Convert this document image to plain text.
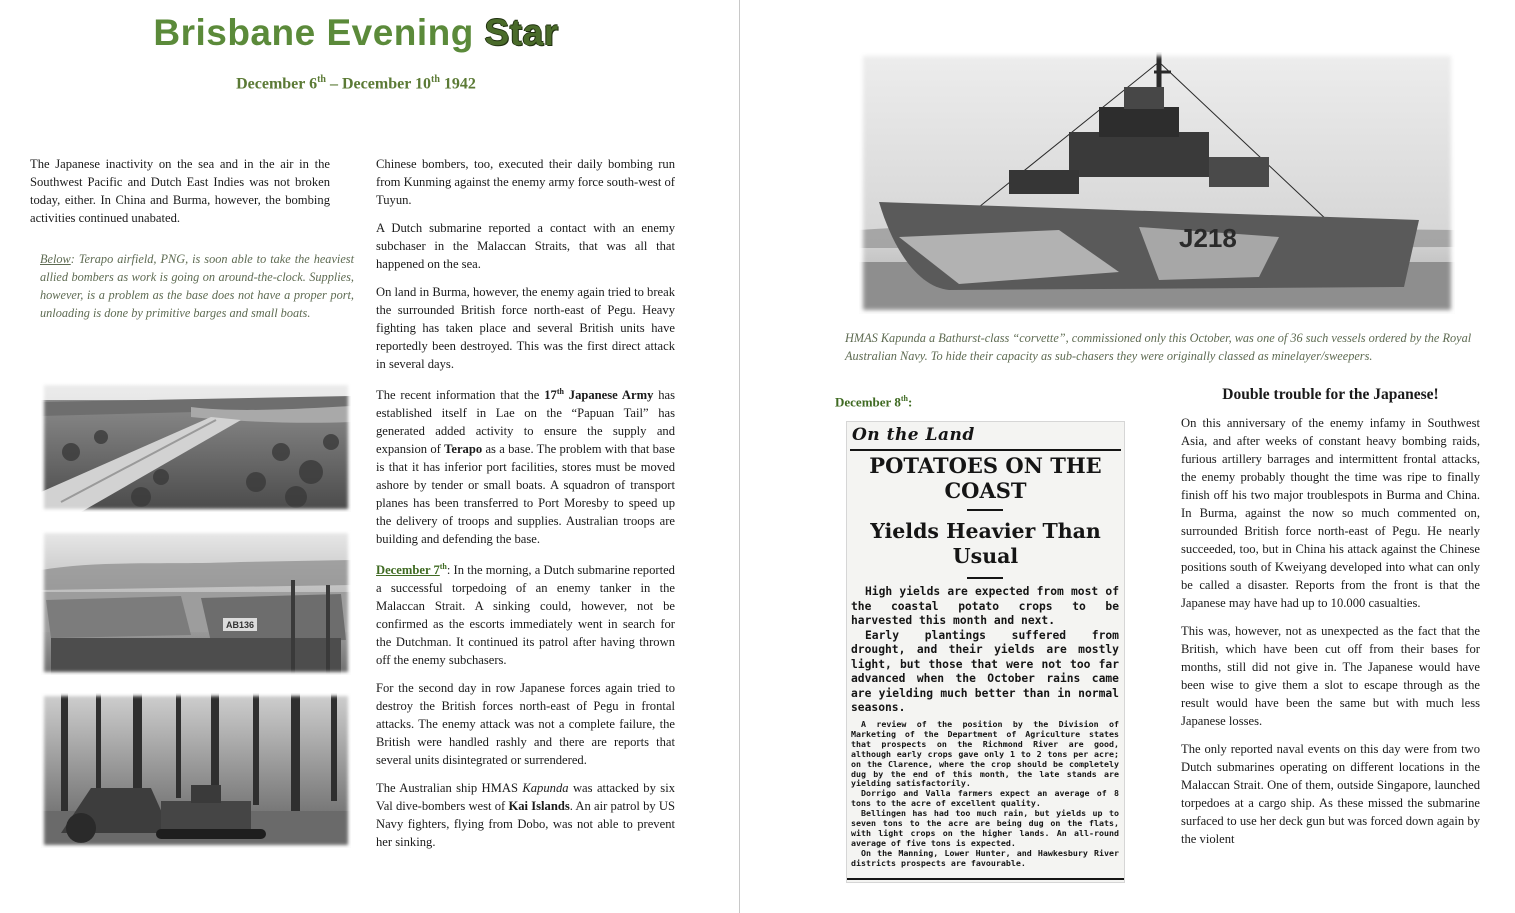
Brisbane Evening Star
December 6th – December 10th 1942

The Japanese inactivity on the sea and in the air in the Southwest Pacific and Dutch East Indies was not broken today, either. In China and Burma, however, the bombing activities continued unabated.

Below: Terapo airfield, PNG, is soon able to take the heaviest allied bombers as work is going on around-the-clock. Supplies, however, is a problem as the base does not have a proper port, unloading is done by primitive barges and small boats.
AB136

Chinese bombers, too, executed their daily bombing run from Kunming against the enemy army force south-west of Tuyun.

A Dutch submarine reported a contact with an enemy subchaser in the Malaccan Straits, that was all that happened on the sea.

On land in Burma, however, the enemy again tried to break the surrounded British force north-east of Pegu. Heavy fighting has taken place and several British units have reportedly been destroyed. This was the first direct attack in several days.

The recent information that the 17th Japanese Army has established itself in Lae on the “Papuan Tail” has generated added activity to ensure the supply and expansion of Terapo as a base. The problem with that base is that it has inferior port facilities, stores must be moved ashore by tender or small boats. A squadron of transport planes has been transferred to Port Moresby to speed up the delivery of troops and supplies. Australian troops are building and defending the base.

December 7th: In the morning, a Dutch submarine reported a successful torpedoing of an enemy tanker in the Malaccan Strait. A sinking could, however, not be confirmed as the escorts immediately went in search for the Dutchman. It continued its patrol after having thrown off the enemy subchasers.

For the second day in row Japanese forces again tried to destroy the British forces north-east of Pegu in frontal attacks. The enemy attack was not a complete failure, the British were handled rashly and there are reports that several units disintegrated or surrendered.

The Australian ship HMAS Kapunda was attacked by six Val dive-bombers west of Kai Islands. An air patrol by US Navy fighters, flying from Dobo, was not able to prevent her sinking.

J218
HMAS Kapunda a Bathurst-class “corvette”, commissioned only this October, was one of 36 such vessels ordered by the Royal Australian Navy. To hide their capacity as sub-chasers they were originally classed as minelayer/sweepers.
December 8th:
On the Land
POTATOES ON THE COAST
Yields Heavier Than Usual

High yields are expected from most of the coastal potato crops to be harvested this month and next.

Early plantings suffered from drought, and their yields are mostly light, but those that were not too far advanced when the October rains came are yielding much better than in normal seasons.

A review of the position by the Division of Marketing of the Department of Agriculture states that prospects on the Richmond River are good, although early crops gave only 1 to 2 tons per acre; on the Clarence, where the crop should be completely dug by the end of this month, the late stands are yielding satisfactorily.

Dorrigo and Valla farmers expect an average of 8 tons to the acre of excellent quality.

Bellingen has had too much rain, but yields up to seven tons to the acre are being dug on the flats, with light crops on the higher lands. An all-round average of five tons is expected.

On the Manning, Lower Hunter, and Hawkesbury River districts prospects are favourable.

Double trouble for the Japanese!

On this anniversary of the enemy infamy in Southwest Asia, and after weeks of constant heavy bombing raids, furious artillery barrages and intermittent frontal attacks, the enemy probably thought the time was ripe to finally finish off his two major troublespots in Burma and China. In Burma, against the now so much commented on, surrounded British force north-east of Pegu. He nearly succeeded, too, but in China his attack against the Chinese positions south of Kweiyang developed into what can only be called a disaster. Reports from the front is that the Japanese may have had up to 10.000 casualties.

This was, however, not as unexpected as the fact that the British, which have been cut off from their bases for months, still did not give in. The Japanese would have been wise to give them a slot to escape through as the result would have been the same but with much less Japanese losses.

The only reported naval events on this day were from two Dutch submarines operating on different locations in the Malaccan Strait. One of them, outside Singapore, launched torpedoes at a cargo ship. As these missed the submarine surfaced to use her deck gun but was forced down again by the violent
